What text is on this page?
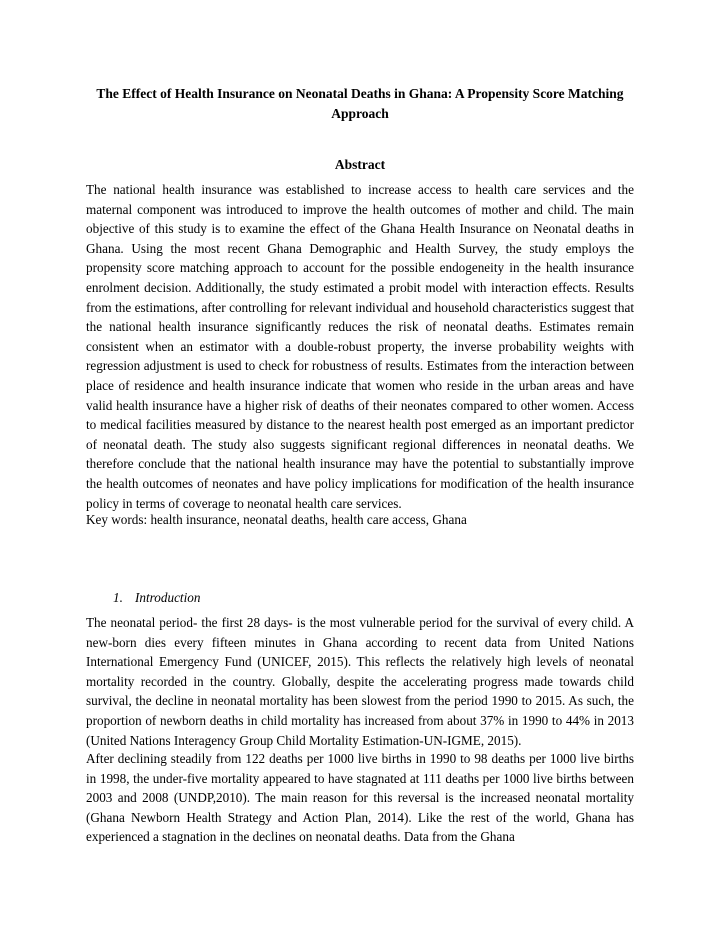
The Effect of Health Insurance on Neonatal Deaths in Ghana: A Propensity Score Matching Approach
Abstract

The national health insurance was established to increase access to health care services and the maternal component was introduced to improve the health outcomes of mother and child. The main objective of this study is to examine the effect of the Ghana Health Insurance on Neonatal deaths in Ghana. Using the most recent Ghana Demographic and Health Survey, the study employs the propensity score matching approach to account for the possible endogeneity in the health insurance enrolment decision. Additionally, the study estimated a probit model with interaction effects. Results from the estimations, after controlling for relevant individual and household characteristics suggest that the national health insurance significantly reduces the risk of neonatal deaths. Estimates remain consistent when an estimator with a double-robust property, the inverse probability weights with regression adjustment is used to check for robustness of results. Estimates from the interaction between place of residence and health insurance indicate that women who reside in the urban areas and have valid health insurance have a higher risk of deaths of their neonates compared to other women. Access to medical facilities measured by distance to the nearest health post emerged as an important predictor of neonatal death. The study also suggests significant regional differences in neonatal deaths. We therefore conclude that the national health insurance may have the potential to substantially improve the health outcomes of neonates and have policy implications for modification of the health insurance policy in terms of coverage to neonatal health care services.

Key words: health insurance, neonatal deaths, health care access, Ghana

1. Introduction

The neonatal period- the first 28 days- is the most vulnerable period for the survival of every child. A new-born dies every fifteen minutes in Ghana according to recent data from United Nations International Emergency Fund (UNICEF, 2015). This reflects the relatively high levels of neonatal mortality recorded in the country. Globally, despite the accelerating progress made towards child survival, the decline in neonatal mortality has been slowest from the period 1990 to 2015. As such, the proportion of newborn deaths in child mortality has increased from about 37% in 1990 to 44% in 2013 (United Nations Interagency Group Child Mortality Estimation-UN-IGME, 2015).

After declining steadily from 122 deaths per 1000 live births in 1990 to 98 deaths per 1000 live births in 1998, the under-five mortality appeared to have stagnated at 111 deaths per 1000 live births between 2003 and 2008 (UNDP,2010). The main reason for this reversal is the increased neonatal mortality (Ghana Newborn Health Strategy and Action Plan, 2014). Like the rest of the world, Ghana has experienced a stagnation in the declines on neonatal deaths. Data from the Ghana
